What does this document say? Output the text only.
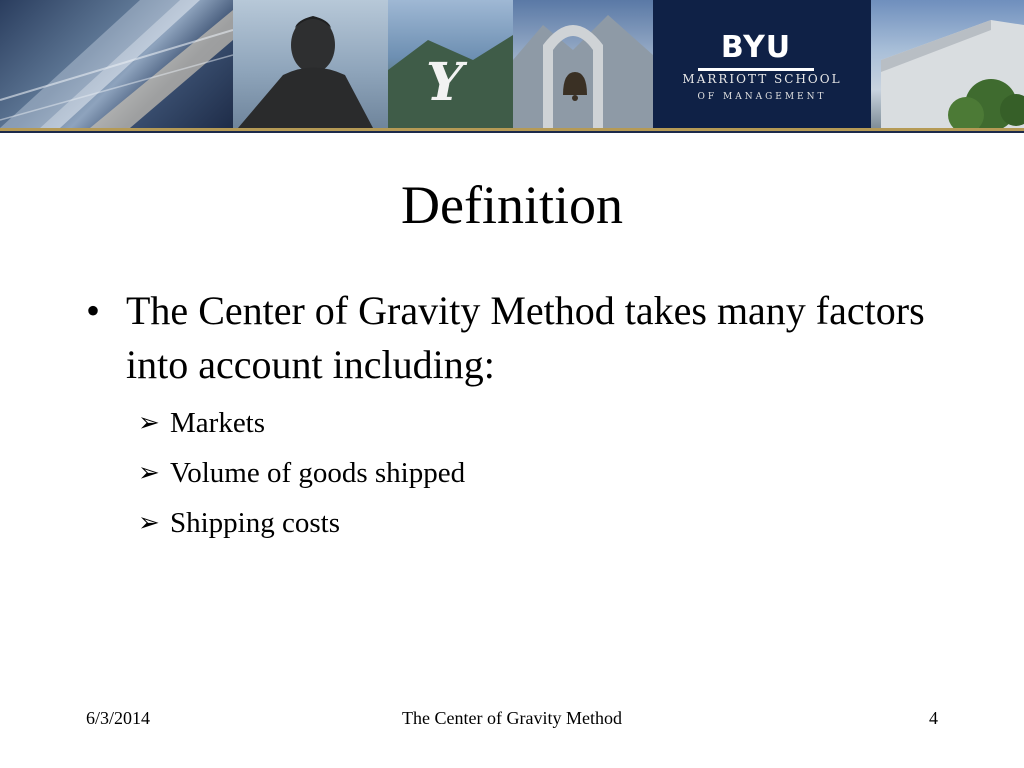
Y
BYU
MARRIOTT SCHOOL
OF MANAGEMENT
Definition
• The Center of Gravity Method takes many factors into account including:
➢ Markets
➢ Volume of goods shipped
➢ Shipping costs
The Center of Gravity Method
6/3/2014	4
